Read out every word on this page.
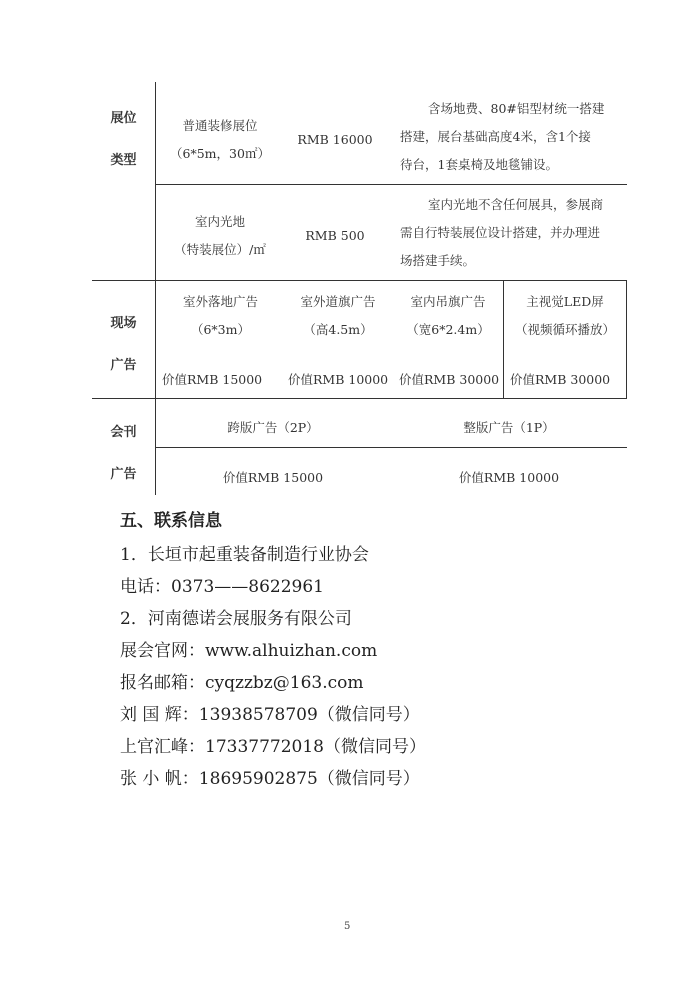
展位
类型
普通装修展位
（6*5m，30㎡）
RMB 16000
含场地费、80#铝型材统一搭建
搭建，展台基础高度4米，含1个接
待台，1套桌椅及地毯铺设。
室内光地
（特装展位）/㎡
RMB 500
室内光地不含任何展具，参展商
需自行特装展位设计搭建，并办理进
场搭建手续。
现场
广告
室外落地广告
（6*3m）
价值RMB 15000
室外道旗广告
（高4.5m）
价值RMB 10000
室内吊旗广告
（宽6*2.4m）
价值RMB 30000
主视觉LED屏
（视频循环播放）
价值RMB 30000
会刊
广告
跨版广告（2P）	整版广告（1P）
价值RMB 15000	价值RMB 10000
五、联系信息
1．长垣市起重装备制造行业协会
电话：0373——8622961
2．河南德诺会展服务有限公司
展会官网：www.alhuizhan.com
报名邮箱：cyqzzbz@163.com
刘 国 辉：13938578709（微信同号）
上官汇峰：17337772018（微信同号）
张 小 帆：18695902875（微信同号）
5
